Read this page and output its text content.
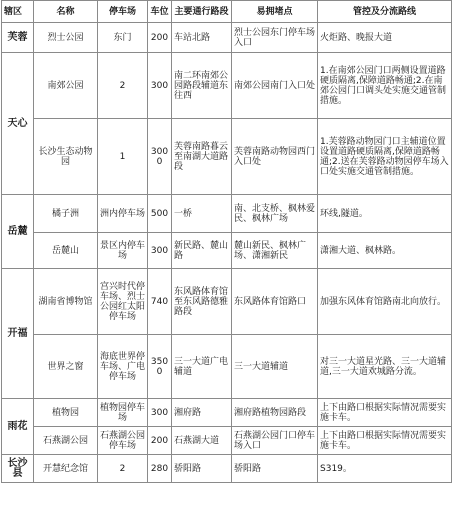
辖区	名称	停车场	车位	主要通行路段	易拥堵点	管控及分流路线
芙蓉	烈士公园	东门	200	车站北路	烈士公园东门停车场入口	火炬路、晚报大道
天心	南郊公园	2	300	南二环南郊公园路段辅道东往西	南郊公园南门入口处	1.在南郊公园门口两侧设置道路硬质隔离,保障道路畅通;2.在南郊公园门口调头处实施交通管制措施。
	长沙生态动物园	1	3000	芙蓉南路暮云至南湖大道路段	芙蓉南路动物园西门入口处	1.芙蓉路动物园门口主辅道位置设置道路硬质隔离,保障道路畅通;2.送在芙蓉路动物园停车场入口处实施交通管制措施。
岳麓	橘子洲	洲内停车场	500	一桥	南、北支桥、枫林爱民、枫林广场	环线,隧道。
	岳麓山	景区内停车场	300	新民路、麓山路	麓山新民、枫林广场、潇湘新民	潇湘大道、枫林路。
开福	湖南省博物馆	宫兴时代停车场、烈士公园红太阳停车场	740	东风路体育馆至东风路德雅路段	东风路体育馆路口	加强东风体育馆路南北向放行。
	世界之窗	海底世界停车场、广电停车场	3500	三一大道广电辅道	三一大道辅道	对三一大道星光路、三一大道辅道,三一大道欢城路分流。
雨花	植物园	植物园停车场	300	湘府路	湘府路植物园路段	上下由路口根据实际情况需要实施卡车。
	石燕湖公园	石燕湖公园停车场	200	石燕湖大道	石燕湖公园门口停车场入口	上下由路口根据实际情况需要实施卡车。
长沙县	开慧纪念馆	2	280	骄阳路	骄阳路	S319。
